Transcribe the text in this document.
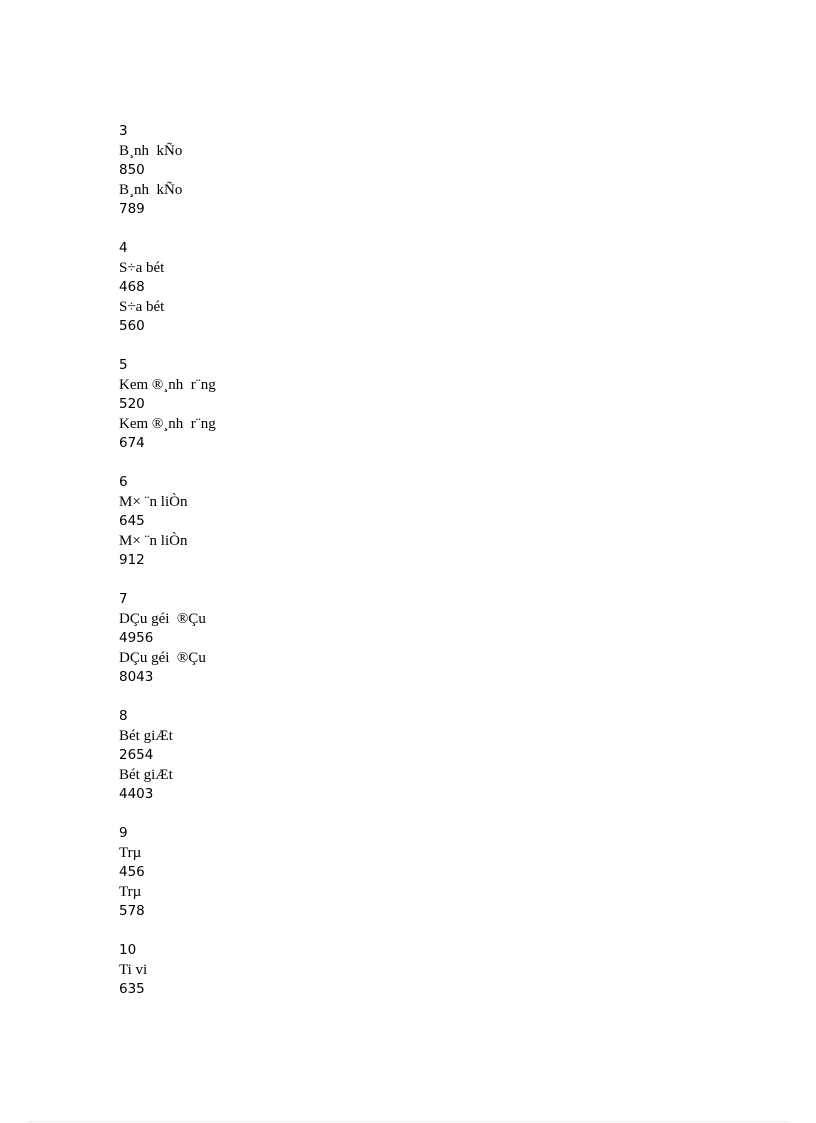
3
B¸nh  kÑo
850
B¸nh  kÑo
789
4
S÷a bét
468
S÷a bét
560
5
Kem ®¸nh  r¨ng
520
Kem ®¸nh  r¨ng
674
6
M× ¨n liÒn
645
M× ¨n liÒn
912
7
DÇu géi  ®Çu
4956
DÇu géi  ®Çu
8043
8
Bét giÆt
2654
Bét giÆt
4403
9
Trµ
456
Trµ
578
10
Ti vi
635
